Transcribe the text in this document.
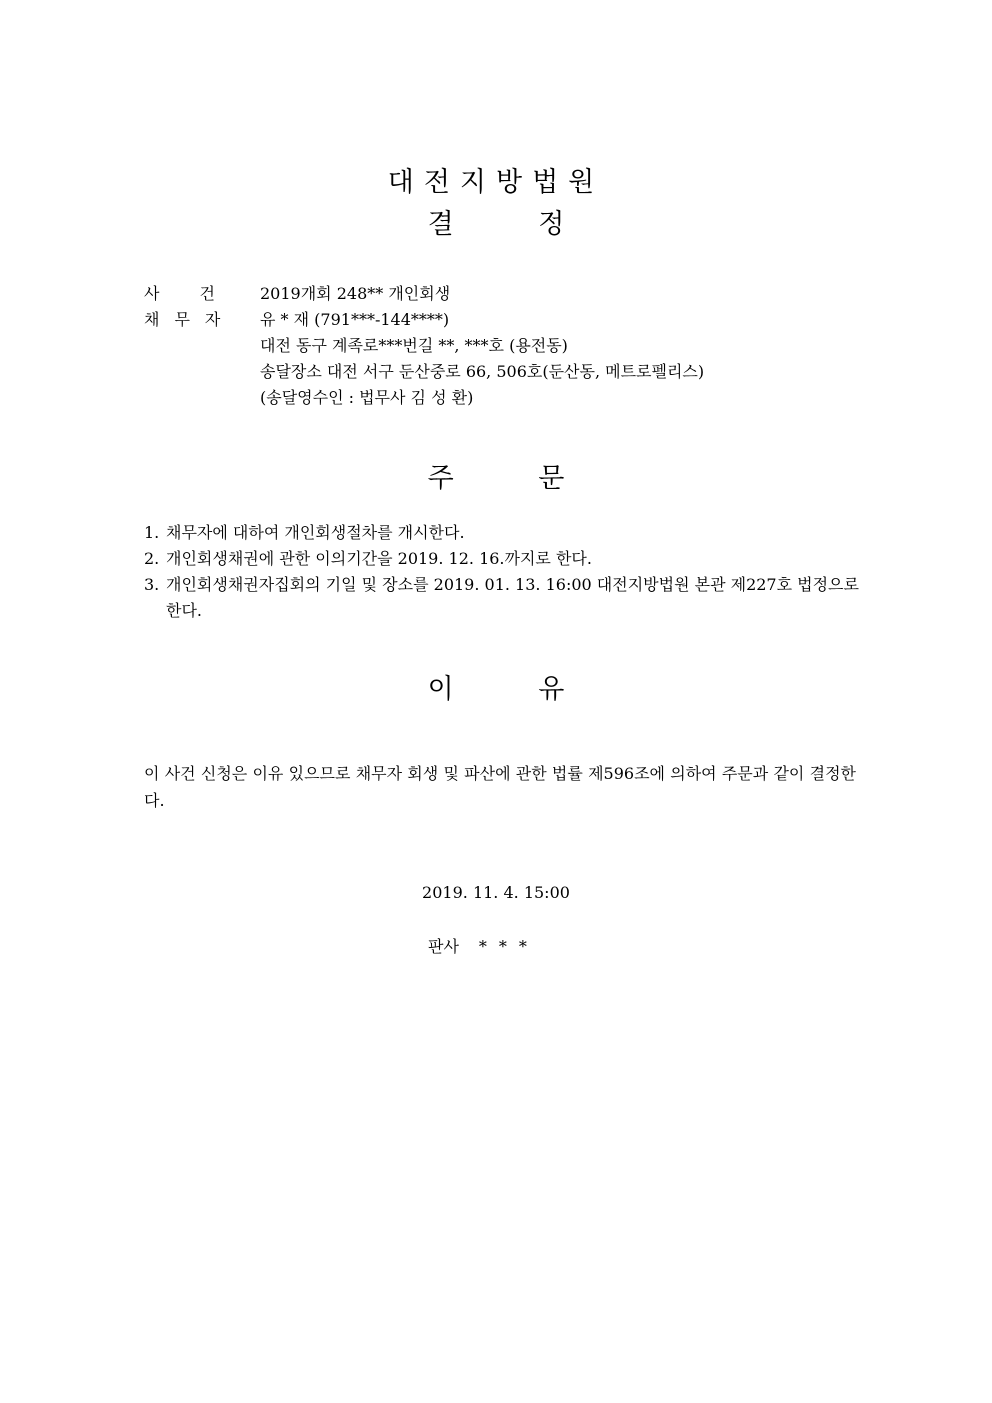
대전지방법원
결	정
사건 2019개회 248** 개인회생
채무자	유 * 재 (791***-144****)
대전 동구 계족로***번길 **, ***호 (용전동)
송달장소 대전 서구 둔산중로 66, 506호(둔산동, 메트로펠리스)
(송달영수인 : 법무사 김 성 환)
주	문
1. 채무자에 대하여 개인회생절차를 개시한다.
2. 개인회생채권에 관한 이의기간을 2019. 12. 16.까지로 한다.
3. 개인회생채권자집회의 기일 및 장소를 2019. 01. 13. 16:00 대전지방법원 본관 제227호 법정으로 한다.
이	유

이 사건 신청은 이유 있으므로 채무자 회생 및 파산에 관한 법률 제596조에 의하여 주문과 같이 결정한다.

2019. 11. 4. 15:00
판사 ***
